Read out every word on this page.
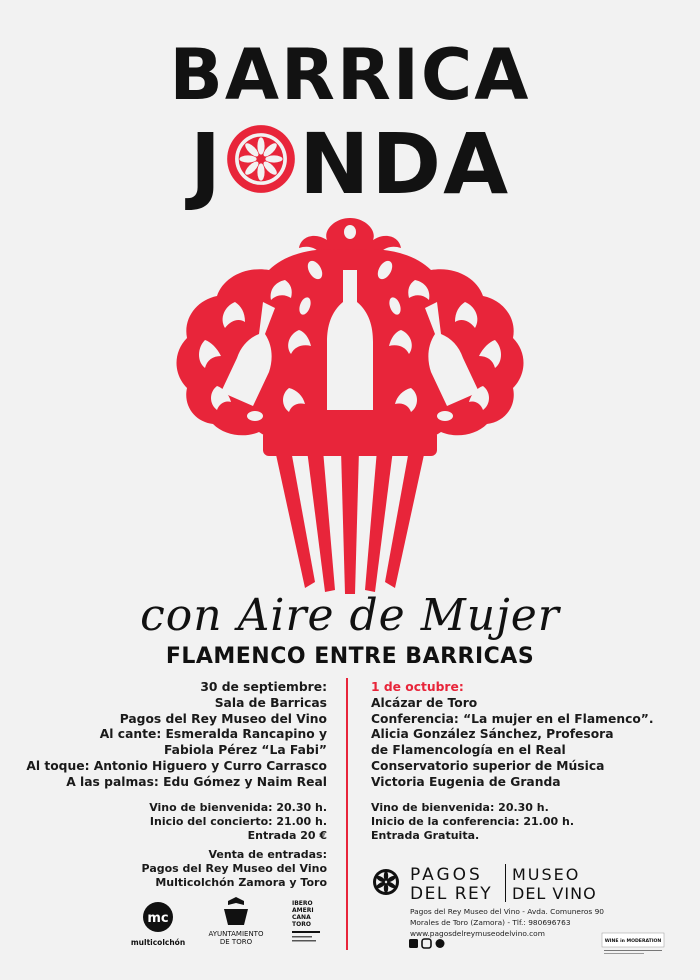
BARRICA
J NDA
con Aire de Mujer
FLAMENCO ENTRE BARRICAS
30 de septiembre:
Sala de Barricas
Pagos del Rey Museo del Vino
Al cante: Esmeralda Rancapino y
Fabiola Pérez “La Fabi”
Al toque: Antonio Higuero y Curro Carrasco
A las palmas: Edu Gómez y Naim Real
Vino de bienvenida: 20.30 h.
Inicio del concierto: 21.00 h.
Entrada 20 €
1 de octubre:
Alcázar de Toro
Conferencia: “La mujer en el Flamenco”.
Alicia González Sánchez, Profesora
de Flamencología en el Real
Conservatorio superior de Música
Victoria Eugenia de Granda
Vino de bienvenida: 20.30 h.
Inicio de la conferencia: 21.00 h.
Entrada Gratuita.
Venta de entradas:
Pagos del Rey Museo del Vino
Multicolchón Zamora y Toro
mc
multicolchón
AYUNTAMIENTO
DE TORO
IBERO
AMERI
CANA
TORO
PAGOS
DEL REY
MUSEO
DEL VINO
Pagos del Rey Museo del Vino - Avda. Comuneros 90
Morales de Toro (Zamora) - Tlf.: 980696763
www.pagosdelreymuseodelvino.com
WINE in MODERATION
